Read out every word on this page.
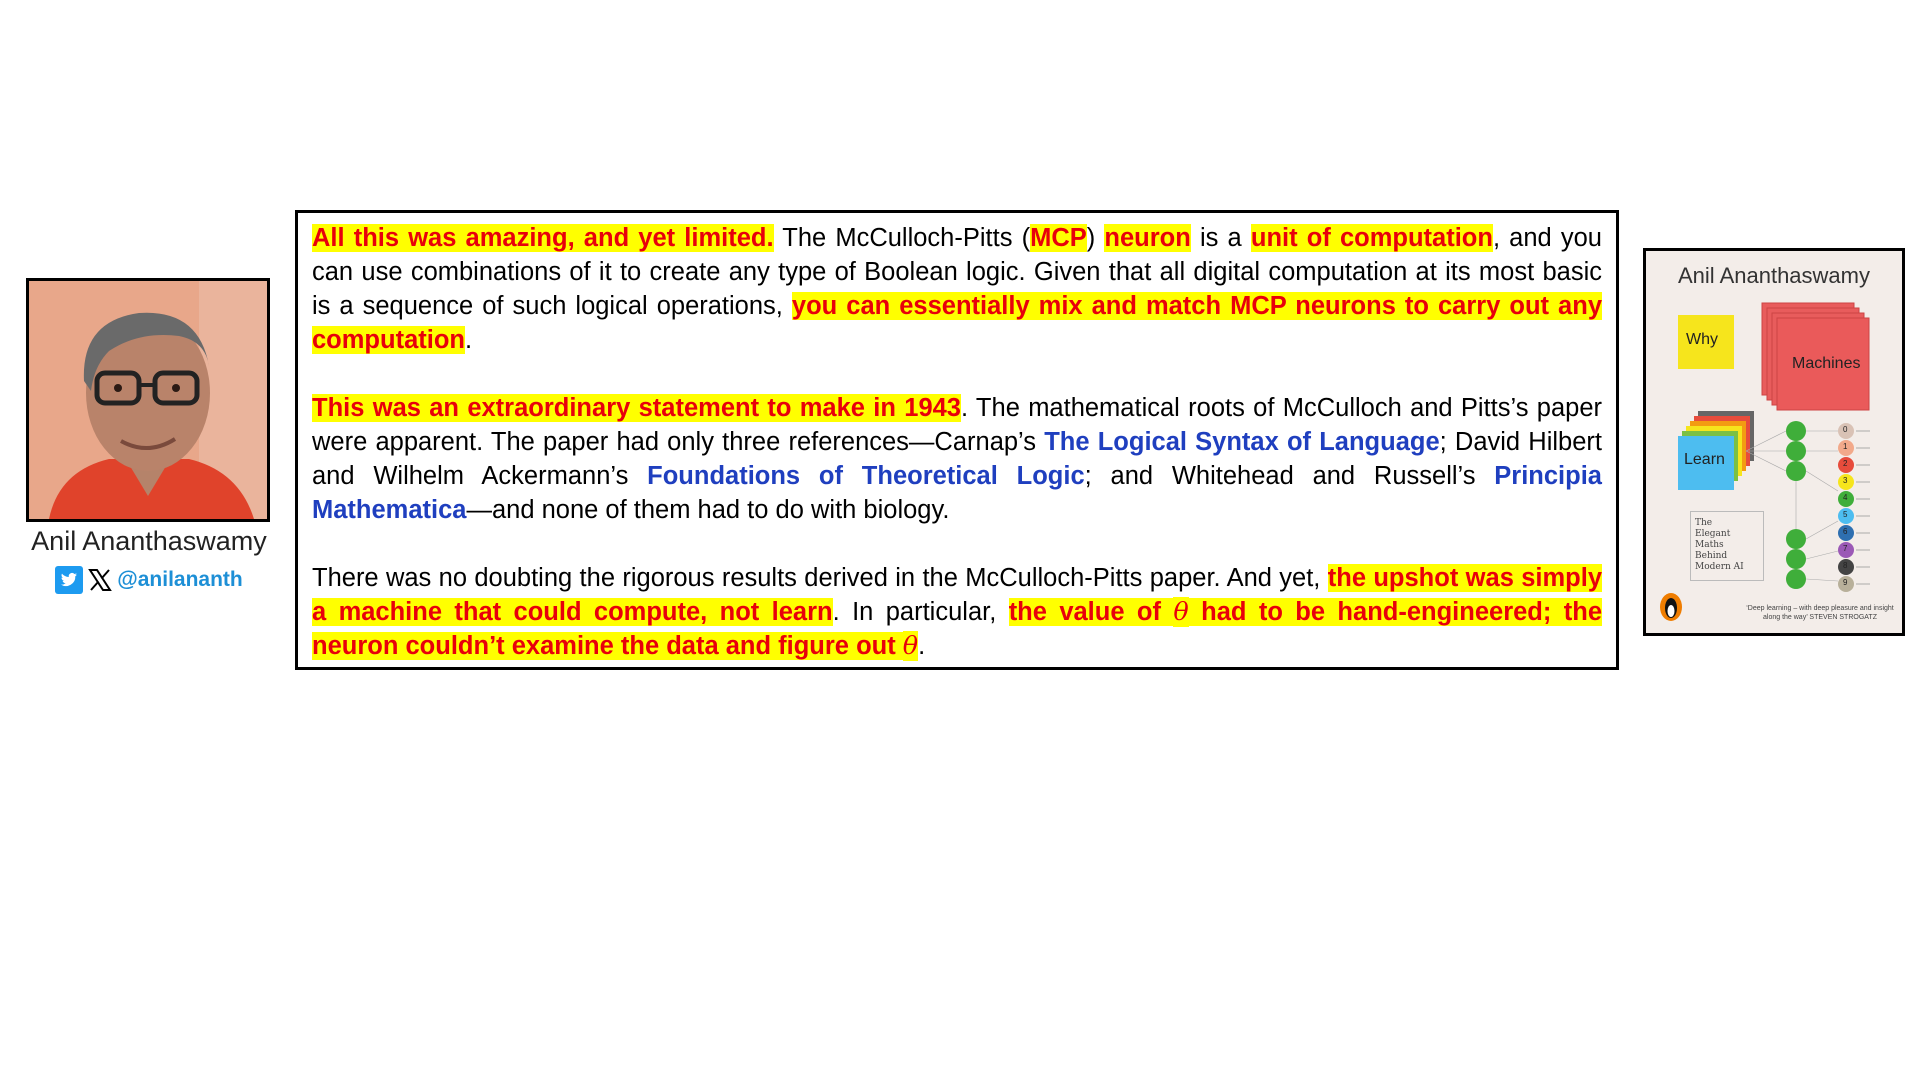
Anil Ananthaswamy
@anilananth

All this was amazing, and yet limited. The McCulloch-Pitts (MCP) neuron is a unit of computation, and you can use combinations of it to create any type of Boolean logic. Given that all digital computation at its most basic is a sequence of such logical operations, you can essentially mix and match MCP neurons to carry out any computation.

This was an extraordinary statement to make in 1943. The mathematical roots of McCulloch and Pitts’s paper were apparent. The paper had only three references—Carnap’s The Logical Syntax of Language; David Hilbert and Wilhelm Ackermann’s Foundations of Theoretical Logic; and Whitehead and Russell’s Principia Mathematica—and none of them had to do with biology.

There was no doubting the rigorous results derived in the McCulloch-Pitts paper. And yet, the upshot was simply a machine that could compute, not learn. In particular, the value of θ had to be hand-engineered; the neuron couldn’t examine the data and figure out θ.

Anil Ananthaswamy
Why
Machines
Learn
The
Elegant
Maths
Behind
Modern AI
‘Deep learning – with deep pleasure and insight along the way’ STEVEN STROGATZ
0
1
2
3
4
5
6
7
8
9
